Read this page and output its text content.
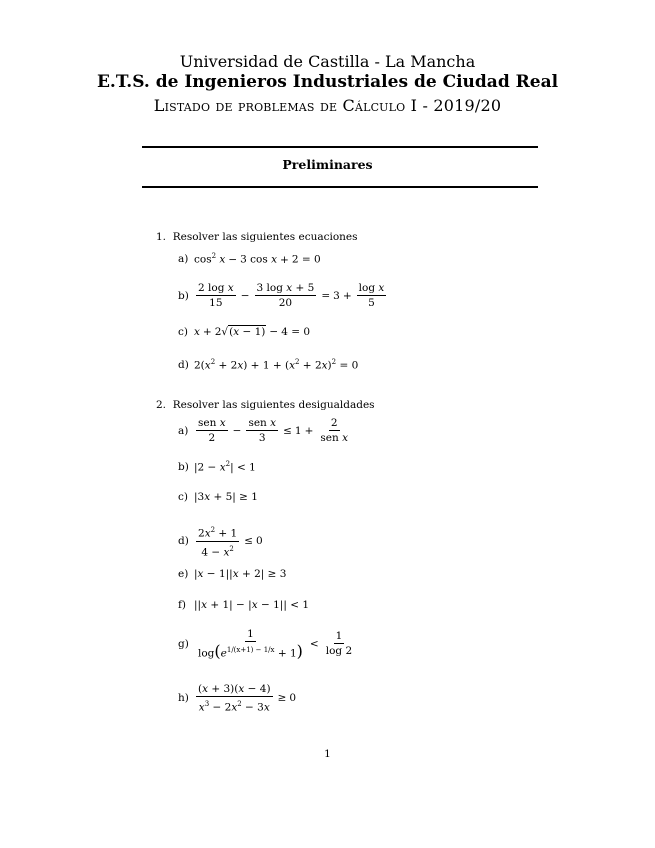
Universidad de Castilla - La Mancha
E.T.S. de Ingenieros Industriales de Ciudad Real
Listado de problemas de Cálculo I - 2019/20
Preliminares
1. Resolver las siguientes ecuaciones
a) $\cos^2 x - 3$ cos x + 2 = 0
$b) \frac{\text{2 log x}}{15} - \frac{\text{3 log x + 5}}{20} = 3 + \frac{\text{log x}}{5}$
c) x + 2√(x − 1) − 4 = 0
d) $2(x^2 + 2x) + 1 + (x^2 + 2x)^2 = 0$
2. Resolver las siguientes desigualdades
$a) \frac{\text{sen x}}{2} - \frac{\text{sen x}}{3} \le 1 + \frac{2}{\text{sen x}}$
b) $|2 - x^2| < 1$
c) |3x + 5| ≥ 1
$d) \frac{2x^2 + 1}{4 - x^2} \le 0$
e) |x − 1||x + 2| ≥ 3
f) ||x + 1| − |x − 1|| < 1
$g) \frac{1}{\log(e^{1/(x+1) - 1/x} + 1)} < \frac{1}{\log 2}$
$h) \frac{(x + 3)(x - 4)}{x^3 - 2x^2 - 3x} \ge 0$
1
